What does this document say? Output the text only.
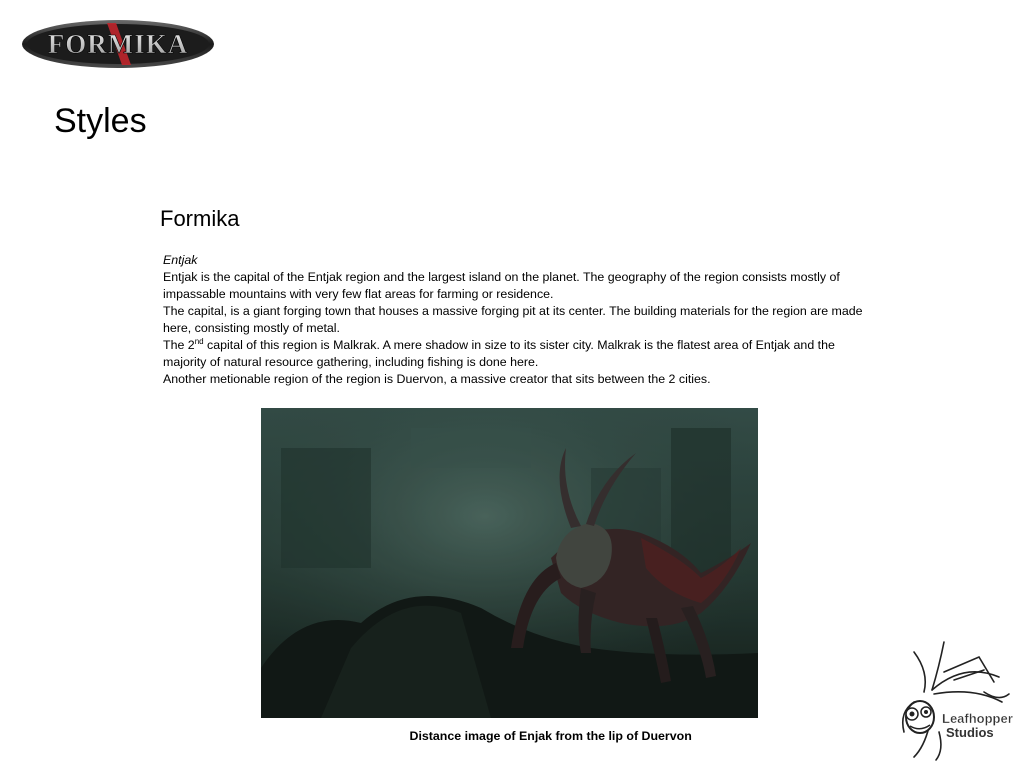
FORMIKA
Styles
Formika

Entjak

Entjak is the capital of the Entjak region and the largest island on the planet. The geography of the region consists mostly of impassable mountains with very few flat areas for farming or residence.

The capital, is a giant forging town that houses a massive forging pit at its center. The building materials for the region are made here, consisting mostly of metal.

The 2nd capital of this region is Malkrak. A mere shadow in size to its sister city. Malkrak is the flatest area of Entjak and the majority of natural resource gathering, including fishing is done here.

Another metionable region of the region is Duervon, a massive creator that sits between the 2 cities.

Distance image of Enjak from the lip of Duervon
Leafhopper
Studios
